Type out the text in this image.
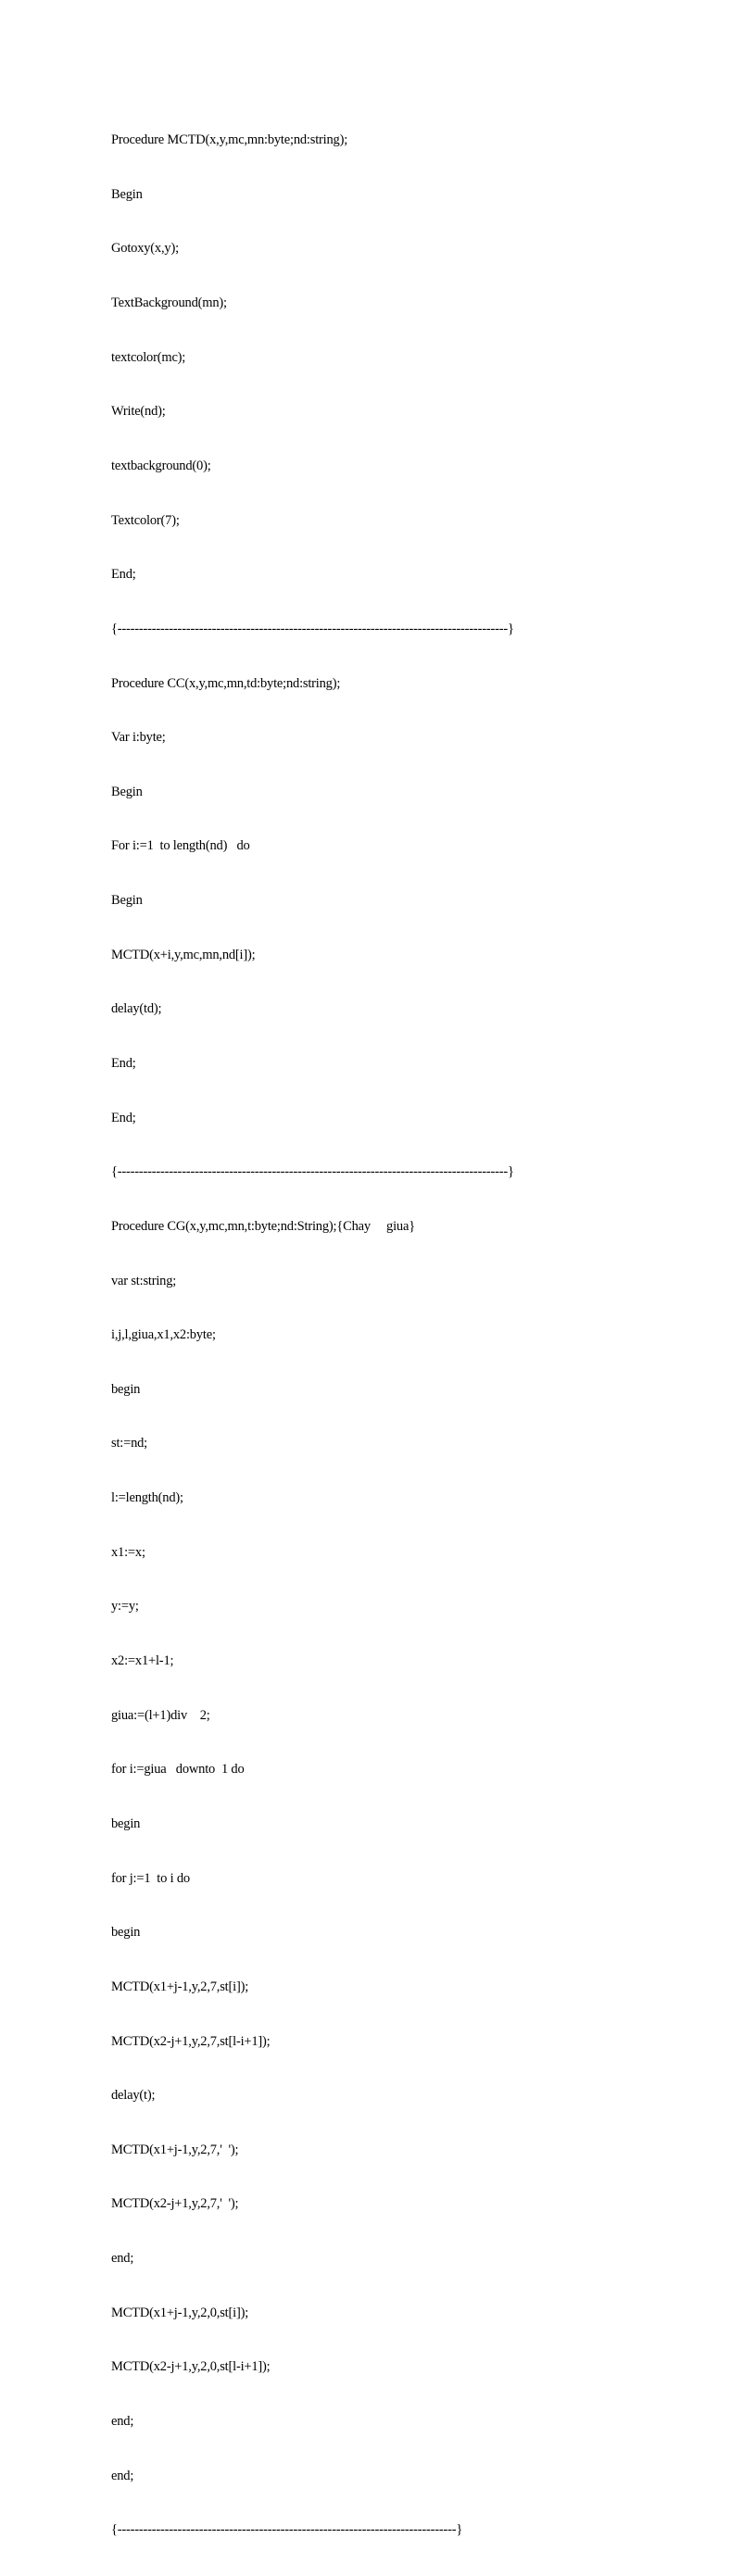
Procedure MCTD(x,y,mc,mn:byte;nd:string);

Begin

Gotoxy(x,y);

TextBackground(mn);

textcolor(mc);

Write(nd);

textbackground(0);

Textcolor(7);

End;

{-------------------------------------------------------------------------------------------}

Procedure CC(x,y,mc,mn,td:byte;nd:string);

Var i:byte;

Begin

For i:=1  to length(nd)   do

Begin

MCTD(x+i,y,mc,mn,nd[i]);

delay(td);

End;

End;

{-------------------------------------------------------------------------------------------}

Procedure CG(x,y,mc,mn,t:byte;nd:String);{Chay     giua}

var st:string;

i,j,l,giua,x1,x2:byte;

begin

st:=nd;

l:=length(nd);

x1:=x;

y:=y;

x2:=x1+l-1;

giua:=(l+1)div    2;

for i:=giua   downto  1 do

begin

for j:=1  to i do

begin

MCTD(x1+j-1,y,2,7,st[i]);

MCTD(x2-j+1,y,2,7,st[l-i+1]);

delay(t);

MCTD(x1+j-1,y,2,7,'  ');

MCTD(x2-j+1,y,2,7,'  ');

end;

MCTD(x1+j-1,y,2,0,st[i]);

MCTD(x2-j+1,y,2,0,st[l-i+1]);

end;

end;

{-------------------------------------------------------------------------------}
